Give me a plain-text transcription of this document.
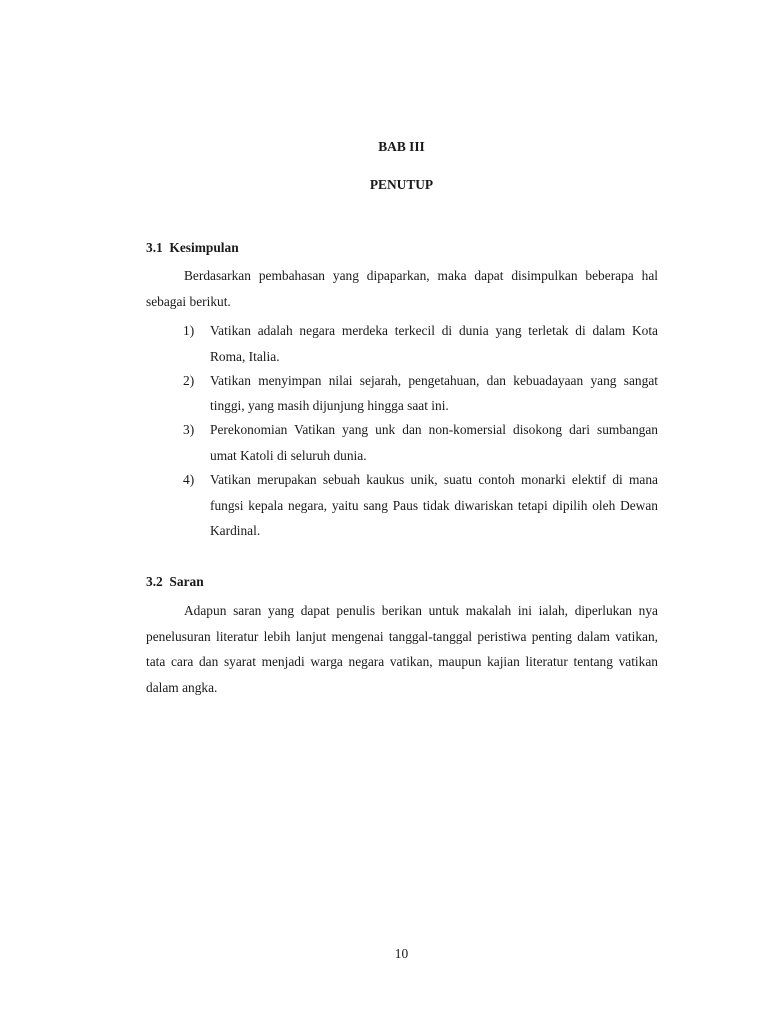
BAB III
PENUTUP
3.1  Kesimpulan
Berdasarkan pembahasan yang dipaparkan, maka dapat disimpulkan beberapa hal sebagai berikut.
1) Vatikan adalah negara merdeka terkecil di dunia yang terletak di dalam Kota Roma, Italia.
2) Vatikan menyimpan nilai sejarah, pengetahuan, dan kebuadayaan yang sangat tinggi, yang masih dijunjung hingga saat ini.
3) Perekonomian Vatikan yang unk dan non-komersial disokong dari sumbangan umat Katoli di seluruh dunia.
4) Vatikan merupakan sebuah kaukus unik, suatu contoh monarki elektif di mana fungsi kepala negara, yaitu sang Paus tidak diwariskan tetapi dipilih oleh Dewan Kardinal.
3.2  Saran
Adapun saran yang dapat penulis berikan untuk makalah ini ialah, diperlukan nya penelusuran literatur lebih lanjut mengenai tanggal-tanggal peristiwa penting dalam vatikan, tata cara dan syarat menjadi warga negara vatikan, maupun kajian literatur tentang vatikan dalam angka.
10
